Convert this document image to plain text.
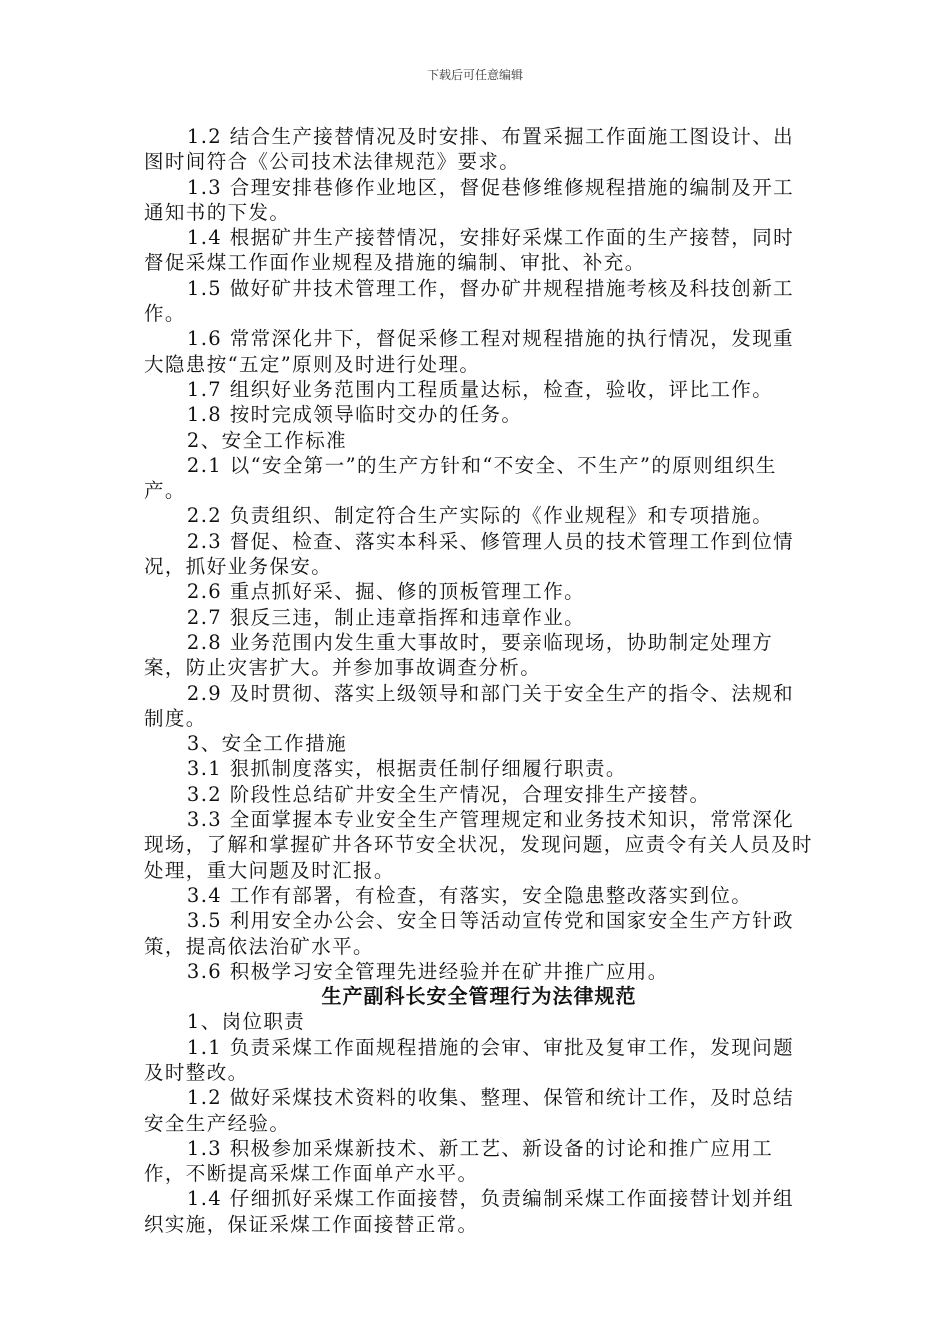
下载后可任意编辑

1.2 结合生产接替情况及时安排、布置采掘工作面施工图设计、出图时间符合《公司技术法律规范》要求。

1.3 合理安排巷修作业地区，督促巷修维修规程措施的编制及开工通知书的下发。

1.4 根据矿井生产接替情况，安排好采煤工作面的生产接替，同时督促采煤工作面作业规程及措施的编制、审批、补充。

1.5 做好矿井技术管理工作，督办矿井规程措施考核及科技创新工作。

1.6 常常深化井下，督促采修工程对规程措施的执行情况，发现重大隐患按“五定”原则及时进行处理。

1.7 组织好业务范围内工程质量达标，检查，验收，评比工作。

1.8 按时完成领导临时交办的任务。

2、安全工作标准

2.1 以“安全第一”的生产方针和“不安全、不生产”的原则组织生产。

2.2 负责组织、制定符合生产实际的《作业规程》和专项措施。

2.3 督促、检查、落实本科采、修管理人员的技术管理工作到位情况，抓好业务保安。

2.6 重点抓好采、掘、修的顶板管理工作。

2.7 狠反三违，制止违章指挥和违章作业。

2.8 业务范围内发生重大事故时，要亲临现场，协助制定处理方案，防止灾害扩大。并参加事故调查分析。

2.9 及时贯彻、落实上级领导和部门关于安全生产的指令、法规和制度。

3、安全工作措施

3.1 狠抓制度落实，根据责任制仔细履行职责。

3.2 阶段性总结矿井安全生产情况，合理安排生产接替。

3.3 全面掌握本专业安全生产管理规定和业务技术知识，常常深化现场，了解和掌握矿井各环节安全状况，发现问题，应责令有关人员及时处理，重大问题及时汇报。

3.4 工作有部署，有检查，有落实，安全隐患整改落实到位。

3.5 利用安全办公会、安全日等活动宣传党和国家安全生产方针政策，提高依法治矿水平。

3.6 积极学习安全管理先进经验并在矿井推广应用。

生产副科长安全管理行为法律规范

1、岗位职责

1.1 负责采煤工作面规程措施的会审、审批及复审工作，发现问题及时整改。

1.2 做好采煤技术资料的收集、整理、保管和统计工作，及时总结安全生产经验。

1.3 积极参加采煤新技术、新工艺、新设备的讨论和推广应用工作，不断提高采煤工作面单产水平。

1.4 仔细抓好采煤工作面接替，负责编制采煤工作面接替计划并组织实施，保证采煤工作面接替正常。
